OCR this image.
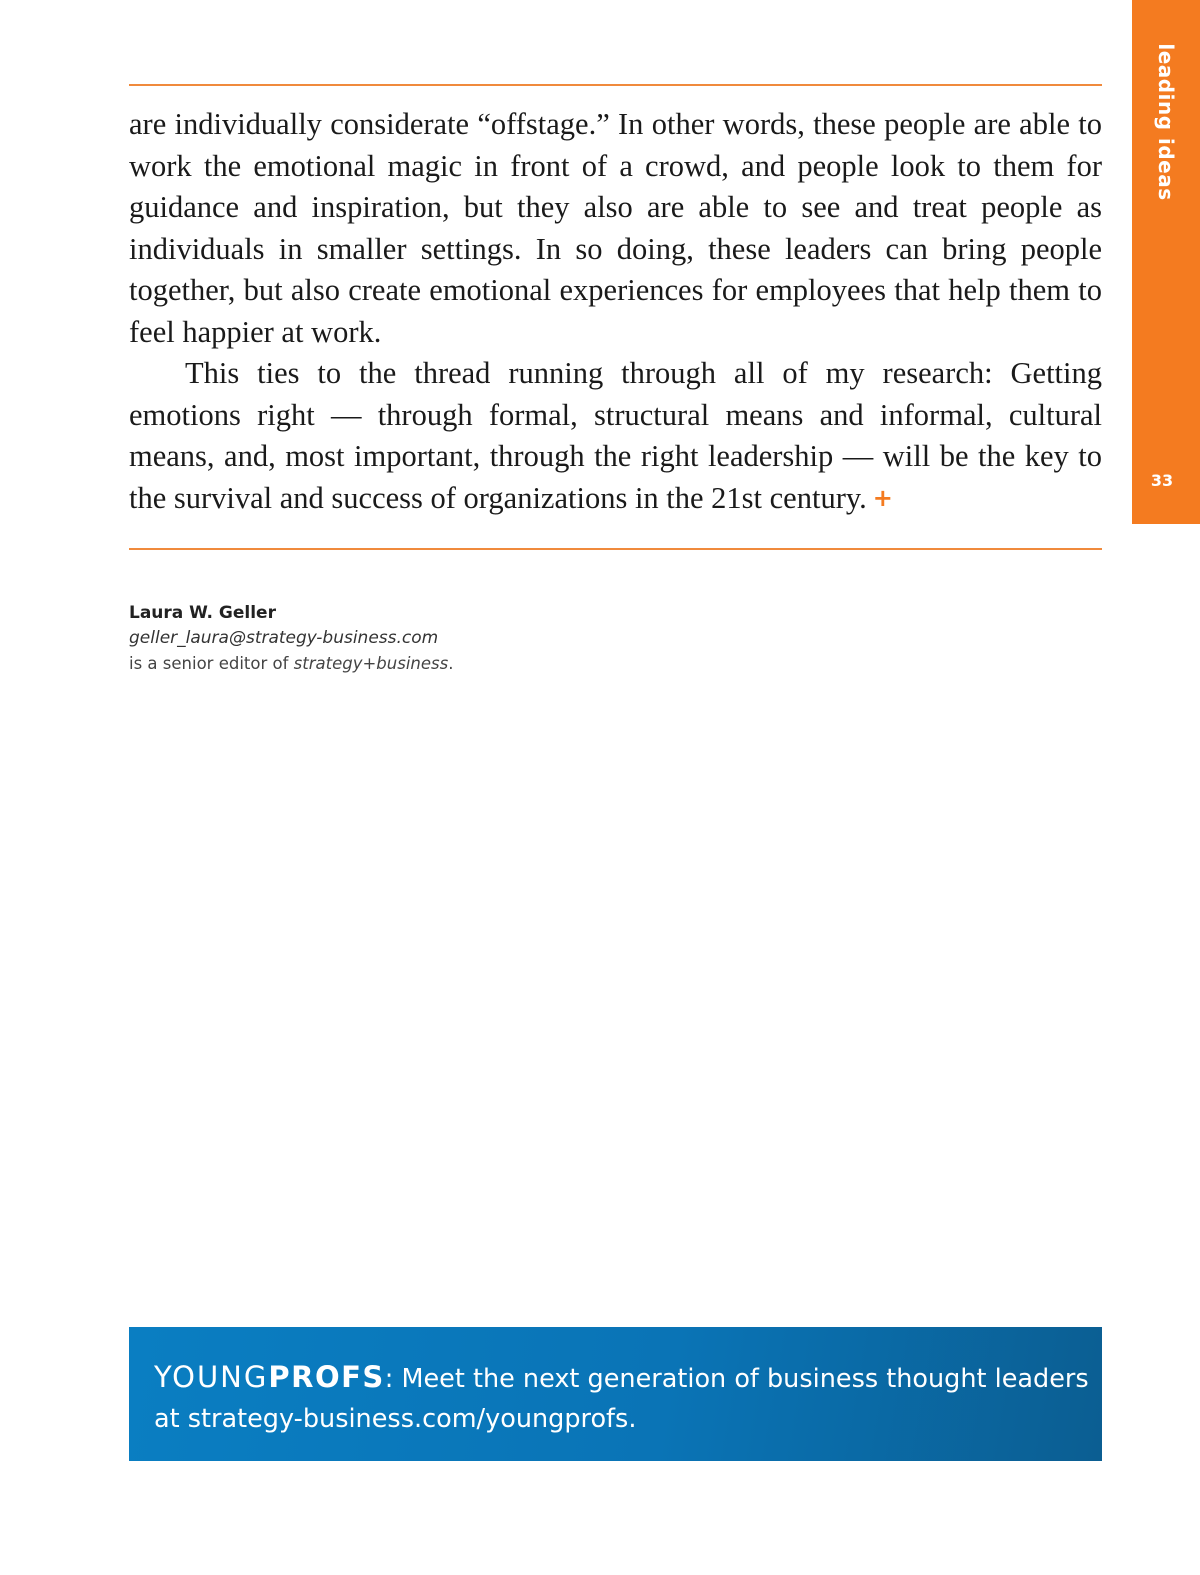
leading ideas
33

are individually considerate “offstage.” In other words, these people are able to work the emotional magic in front of a crowd, and people look to them for guidance and inspiration, but they also are able to see and treat people as individuals in smaller settings. In so doing, these leaders can bring people together, but also create emotional experiences for employees that help them to feel happier at work.

This ties to the thread running through all of my research: Getting emotions right — through formal, structural means and informal, cultural means, and, most important, through the right leadership — will be the key to the survival and success of organizations in the 21st century. +

Laura W. Geller
geller_laura@strategy-business.com
is a senior editor of strategy+business.
YOUNGPROFS: Meet the next generation of business thought leaders
at strategy-business.com/youngprofs.
